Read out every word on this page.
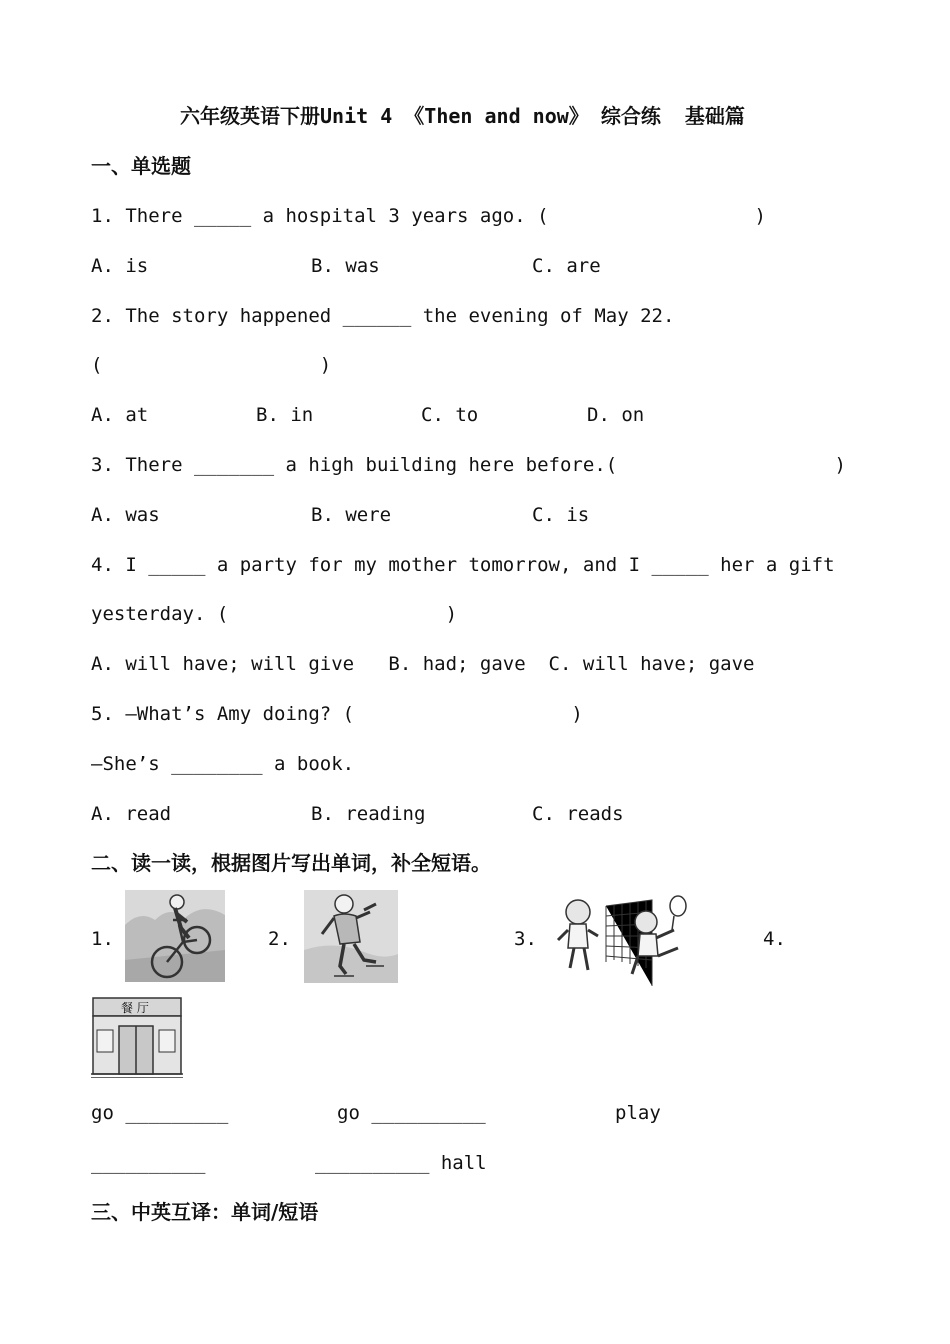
六年级英语下册Unit 4 《Then and now》 综合练  基础篇
一、单选题
1. There _____ a hospital 3 years ago. (                  )
A. is	B. was	C. are
2. The story happened ______ the evening of May 22.
(                   )
A. at	B. in	C. to	D. on
3. There _______ a high building here before.(                   )
A. was	B. were	C. is
4. I _____ a party for my mother tomorrow, and I _____ her a gift
yesterday. (                   )
A. will have; will give   B. had; gave  C. will have; gave
5. —What’s Amy doing? (                   )
—She’s ________ a book.
A. read	B. reading	C. reads
二、读一读，根据图片写出单词，补全短语。
1.	2.	3.	4.
餐 厅
go _________	go __________	play
__________	__________ hall
三、中英互译：单词/短语
